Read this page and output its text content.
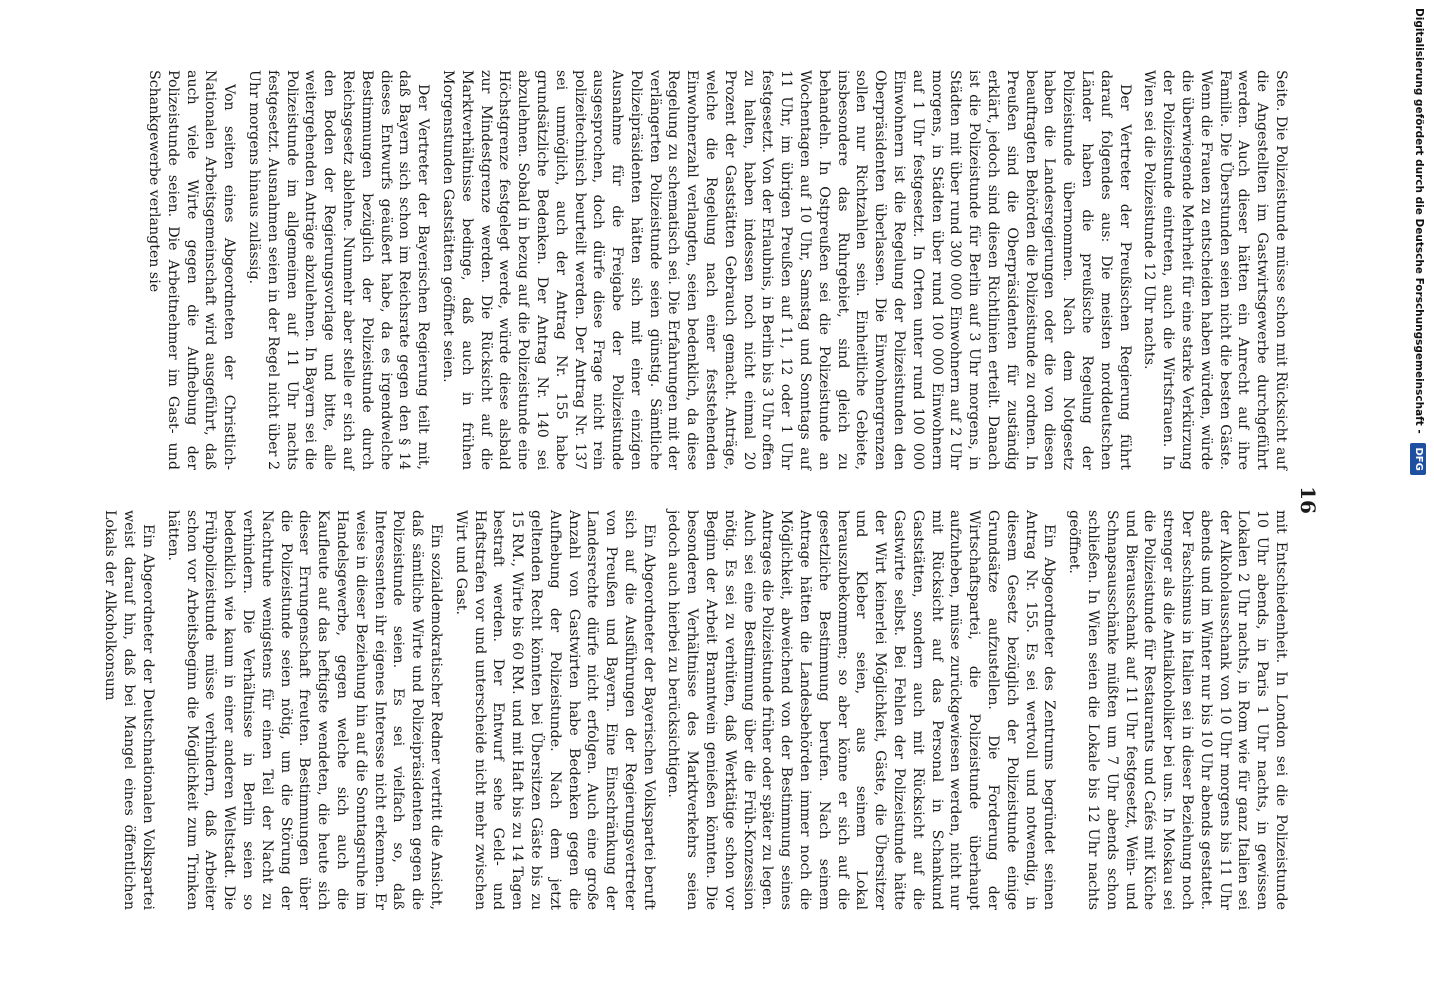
16

Seite. Die Polizeistunde müsse schon mit Rücksicht auf die Angestellten im Gastwirtsgewerbe durchgeführt werden. Auch dieser hätten ein Anrecht auf ihre Familie. Die Überstunden seien nicht die besten Gäste. Wenn die Frauen zu entscheiden haben würden, würde die überwiegende Mehrheit für eine starke Verkürzung der Polizeistunde eintreten, auch die Wirtsfrauen. In Wien sei die Polizeistunde 12 Uhr nachts.

Der Vertreter der Preußischen Regierung führt darauf folgendes aus: Die meisten norddeutschen Länder haben die preußische Regelung der Polizeistunde übernommen. Nach dem Notgesetz haben die Landesregierungen oder die von diesen beauftragten Behörden die Polizeistunde zu ordnen. In Preußen sind die Oberpräsidenten für zuständig erklärt, jedoch sind diesen Richtlinien erteilt. Danach ist die Polizeistunde für Berlin auf 3 Uhr morgens, in Städten mit über rund 300 000 Einwohnern auf 2 Uhr morgens, in Städten über rund 100 000 Einwohnern auf 1 Uhr festgesetzt. In Orten unter rund 100 000 Einwohnern ist die Regelung der Polizeistunden den Oberpräsidenten überlassen. Die Einwohnergrenzen sollen nur Richtzahlen sein. Einheitliche Gebiete, insbesondere das Ruhrgebiet, sind gleich zu behandeln. In Ostpreußen sei die Polizeistunde an Wochentagen auf 10 Uhr, Samstag und Sonntags auf 11 Uhr, im übrigen Preußen auf 11, 12 oder 1 Uhr festgesetzt. Von der Erlaubnis, in Berlin bis 3 Uhr offen zu halten, haben indessen noch nicht einmal 20 Prozent der Gaststätten Gebrauch gemacht. Anträge, welche die Regelung nach einer feststehenden Einwohnerzahl verlangten, seien bedenklich, da diese Regelung zu schematisch sei. Die Erfahrungen mit der verlängerten Polizeistunde seien günstig. Sämtliche Polizeipräsidenten hätten sich mit einer einzigen Ausnahme für die Freigabe der Polizeistunde ausgesprochen, doch dürfe diese Frage nicht rein polizeitechnisch beurteilt werden. Der Antrag Nr. 137 sei unmöglich, auch der Antrag Nr. 155 habe grundsätzliche Bedenken. Der Antrag Nr. 140 sei abzulehnen. Sobald in bezug auf die Polizeistunde eine Höchstgrenze festgelegt werde, würde diese alsbald zur Mindestgrenze werden. Die Rücksicht auf die Marktverhältnisse bedinge, daß auch in frühen Morgenstunden Gaststätten geöffnet seien.

Der Vertreter der Bayerischen Regierung teilt mit, daß Bayern sich schon im Reichsrate gegen den § 14 dieses Entwurfs geäußert habe, da es irgendwelche Bestimmungen bezüglich der Polizeistunde durch Reichsgesetz ablehne. Nunmehr aber stelle er sich auf den Boden der Regierungsvorlage und bitte, alle weitergehenden Anträge abzulehnen. In Bayern sei die Polizeistunde im allgemeinen auf 11 Uhr nachts festgesetzt. Ausnahmen seien in der Regel nicht über 2 Uhr morgens hinaus zulässig.

Von seiten eines Abgeordneten der Christlich-Nationalen Arbeitsgemeinschaft wird ausgeführt, daß auch viele Wirte gegen die Aufhebung der Polizeistunde seien. Die Arbeitnehmer im Gast- und Schankgewerbe verlangten sie

mit Entschiedenheit. In London sei die Polizeistunde 10 Uhr abends, in Paris 1 Uhr nachts, in gewissen Lokalen 2 Uhr nachts, in Rom wie für ganz Italien sei der Alkoholausschank von 10 Uhr morgens bis 11 Uhr abends und im Winter nur bis 10 Uhr abends gestattet. Der Faschismus in Italien sei in dieser Beziehung noch strenger als die Antialkoholiker bei uns. In Moskau sei die Polizeistunde für Restaurants und Cafés mit Küche und Bierausschank auf 11 Uhr festgesetzt, Wein- und Schnapsausschänke müßten um 7 Uhr abends schon schließen. In Wien seien die Lokale bis 12 Uhr nachts geöffnet.

Ein Abgeordneter des Zentrums begründet seinen Antrag Nr. 155. Es sei wertvoll und notwendig, in diesem Gesetz bezüglich der Polizeistunde einige Grundsätze aufzustellen. Die Forderung der Wirtschaftspartei, die Polizeistunde überhaupt aufzuheben, müsse zurückgewiesen werden, nicht nur mit Rücksicht auf das Personal in Schankund Gaststätten, sondern auch mit Rücksicht auf die Gastwirte selbst. Bei Fehlen der Polizeistunde hätte der Wirt keinerlei Möglichkeit, Gäste, die Übersitzer und Kleber seien, aus seinem Lokal herauszubekommen; so aber könne er sich auf die gesetzliche Bestimmung berufen. Nach seinem Antrage hätten die Landesbehörden immer noch die Möglichkeit, abweichend von der Bestimmung seines Antrages die Polizeistunde früher oder später zu legen. Auch sei eine Bestimmung über die Früh-Konzession nötig. Es sei zu verhüten, daß Werktätige schon vor Beginn der Arbeit Branntwein genießen könnten. Die besonderen Verhältnisse des Marktverkehrs seien jedoch auch hierbei zu berücksichtigen.

Ein Abgeordneter der Bayerischen Volkspartei beruft sich auf die Ausführungen der Regierungsvertreter von Preußen und Bayern. Eine Einschränkung der Landesrechte dürfe nicht erfolgen. Auch eine große Anzahl von Gastwirten habe Bedenken gegen die Aufhebung der Polizeistunde. Nach dem jetzt geltenden Recht könnten bei Übersitzen Gäste bis zu 15 RM., Wirte bis 60 RM. und mit Haft bis zu 14 Tagen bestraft werden. Der Entwurf sehe Geld- und Haftstrafen vor und unterscheide nicht mehr zwischen Wirt und Gast.

Ein sozialdemokratischer Redner vertritt die Ansicht, daß sämtliche Wirte und Polizeipräsidenten gegen die Polizeistunde seien. Es sei vielfach so, daß Interessenten ihr eigenes Interesse nicht erkennen. Er weise in dieser Beziehung hin auf die Sonntagsruhe im Handelsgewerbe, gegen welche sich auch die Kaufleute auf das heftigste wendeten, die heute sich dieser Errungenschaft freuten. Bestimmungen über die Polizeistunde seien nötig, um die Störung der Nachtruhe wenigstens für einen Teil der Nacht zu verhindern. Die Verhältnisse in Berlin seien so bedenklich wie kaum in einer anderen Weltstadt. Die Frühpolizeistunde müsse verhindern, daß Arbeiter schon vor Arbeitsbeginn die Möglichkeit zum Trinken hätten.

Ein Abgeordneter der Deutschnationalen Volkspartei weist darauf hin, daß bei Mangel eines öffentlichen Lokals der Alkoholkonsum

Digitalisierung gefördert durch die Deutsche Forschungsgemeinschaft - DFG
